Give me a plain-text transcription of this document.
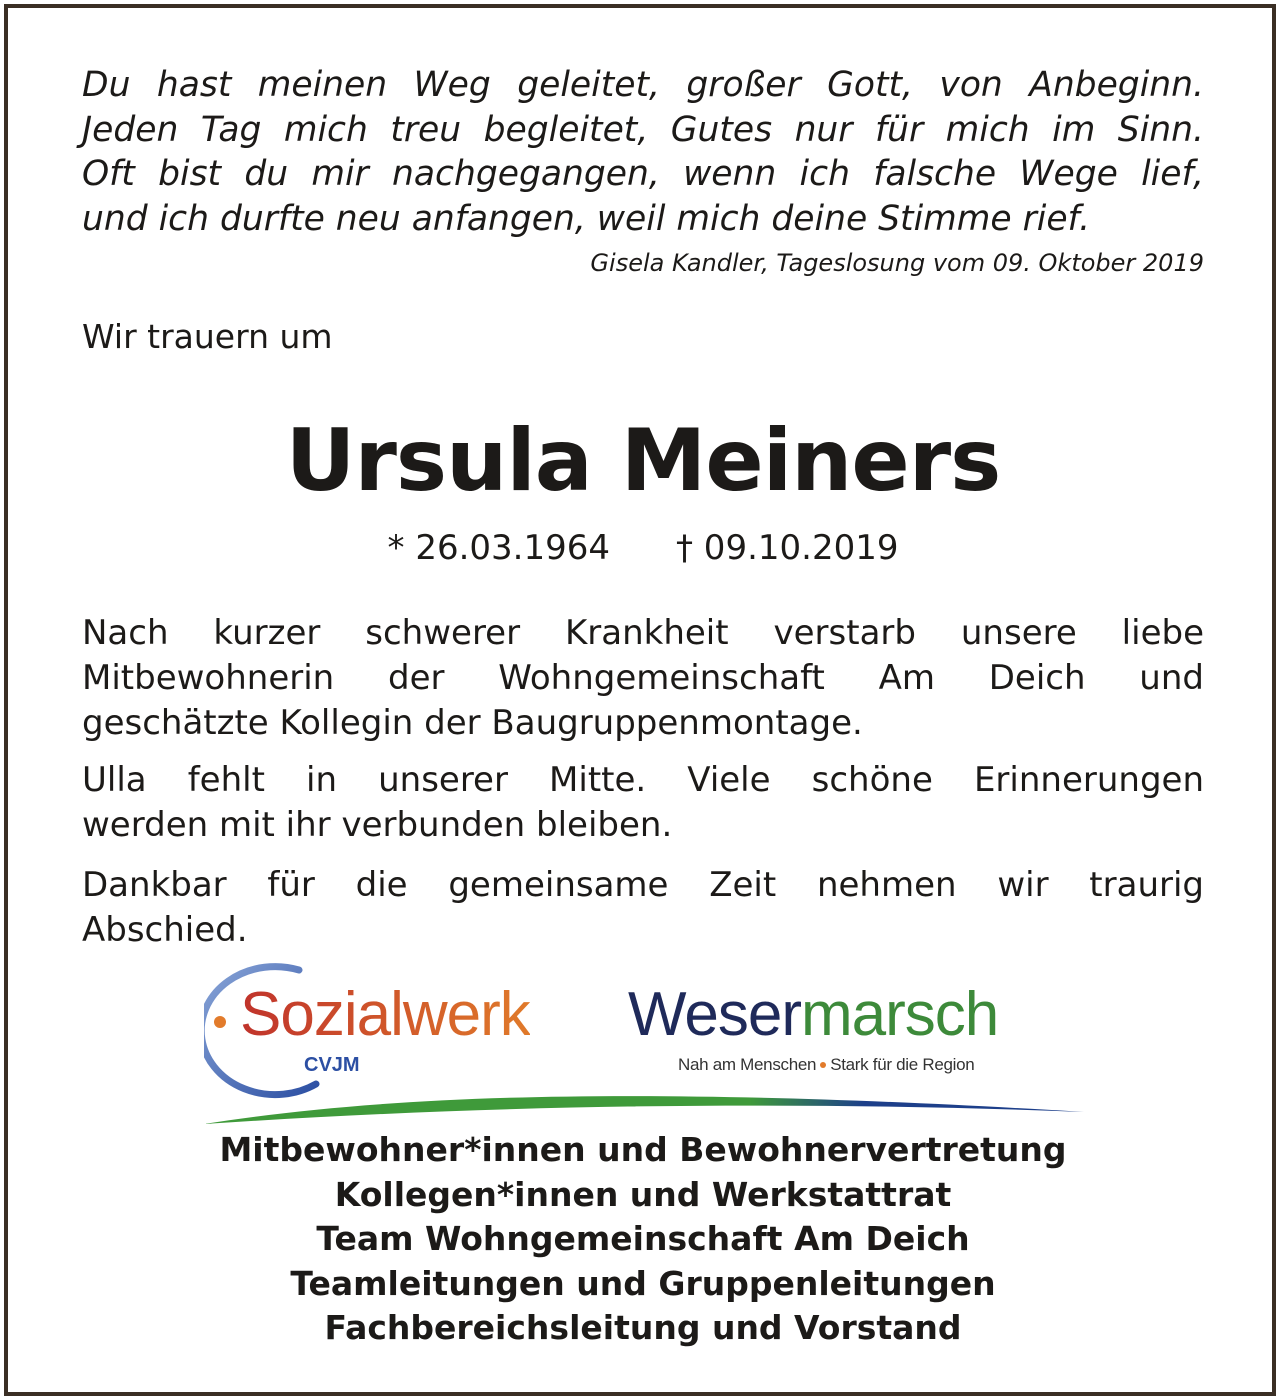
Du hast meinen Weg geleitet, großer Gott, von Anbeginn.
Jeden Tag mich treu begleitet, Gutes nur für mich im Sinn.
Oft bist du mir nachgegangen, wenn ich falsche Wege lief,
und ich durfte neu anfangen, weil mich deine Stimme rief.
Gisela Kandler, Tageslosung vom 09. Oktober 2019
Wir trauern um
Ursula Meiners
* 26.03.1964 † 09.10.2019
Nach kurzer schwerer Krankheit verstarb unsere liebe
Mitbewohnerin der Wohngemeinschaft Am Deich und
geschätzte Kollegin der Baugruppenmontage.
Ulla fehlt in unserer Mitte. Viele schöne Erinnerungen
werden mit ihr verbunden bleiben.
Dankbar für die gemeinsame Zeit nehmen wir traurig
Abschied.
Sozialwerk Wesermarsch
CVJM	Nah am Menschen Stark für die Region
Mitbewohner*innen und Bewohnervertretung
Kollegen*innen und Werkstattrat
Team Wohngemeinschaft Am Deich
Teamleitungen und Gruppenleitungen
Fachbereichsleitung und Vorstand
